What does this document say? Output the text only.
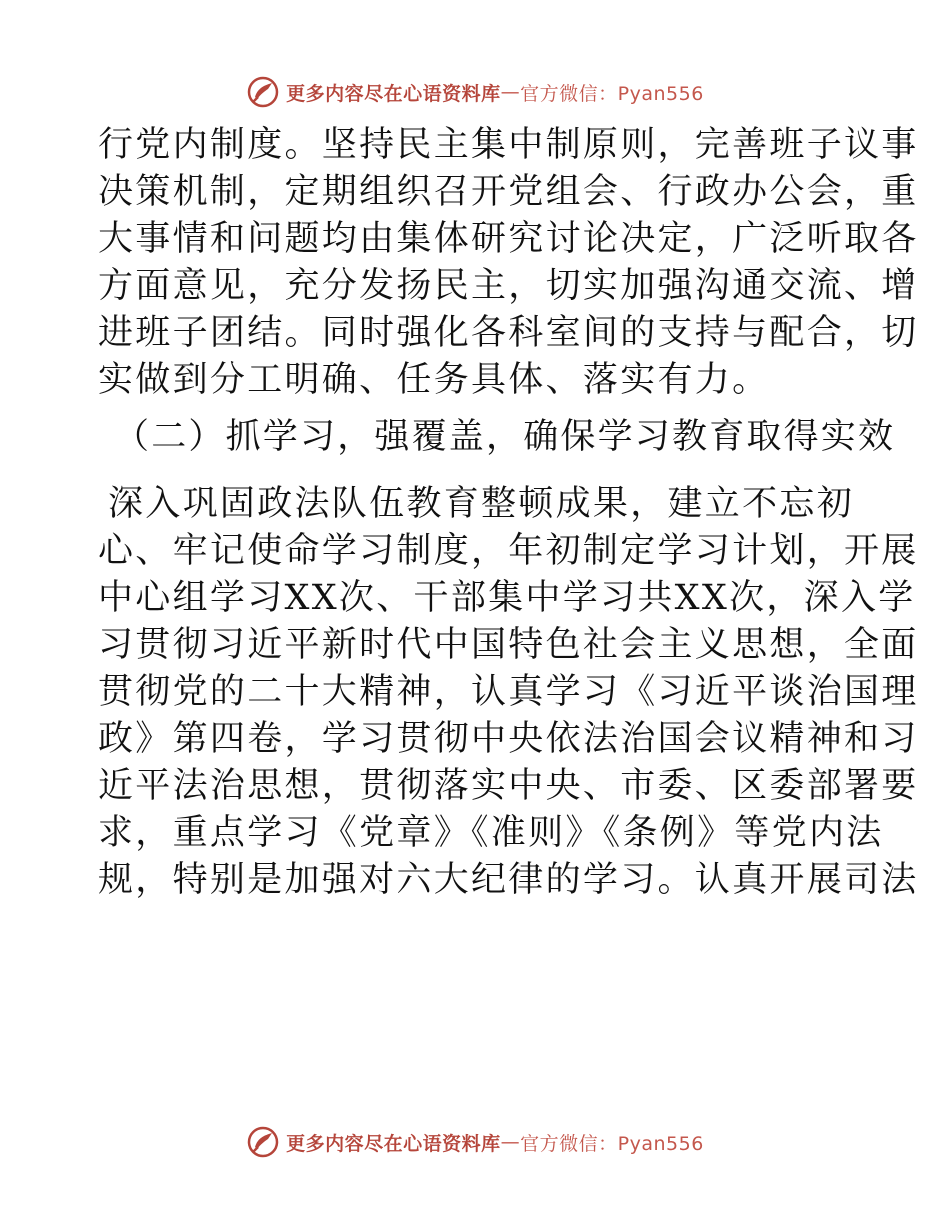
更多内容尽在心语资料库 — 官方微信：Pyan556

行党内制度。坚持民主集中制原则，完善班子议事

决策机制，定期组织召开党组会、行政办公会，重

大事情和问题均由集体研究讨论决定，广泛听取各

方面意见，充分发扬民主，切实加强沟通交流、增

进班子团结。同时强化各科室间的支持与配合，切

实做到分工明确、任务具体、落实有力。

（二）抓学习，强覆盖，确保学习教育取得实效

深入巩固政法队伍教育整顿成果，建立不忘初

心、牢记使命学习制度，年初制定学习计划，开展

中心组学习XX次、干部集中学习共XX次，深入学

习贯彻习近平新时代中国特色社会主义思想，全面

贯彻党的二十大精神，认真学习《习近平谈治国理

政》第四卷，学习贯彻中央依法治国会议精神和习

近平法治思想，贯彻落实中央、市委、区委部署要

求，重点学习《党章》《准则》《条例》等党内法

规，特别是加强对六大纪律的学习。认真开展司法

更多内容尽在心语资料库 — 官方微信：Pyan556
